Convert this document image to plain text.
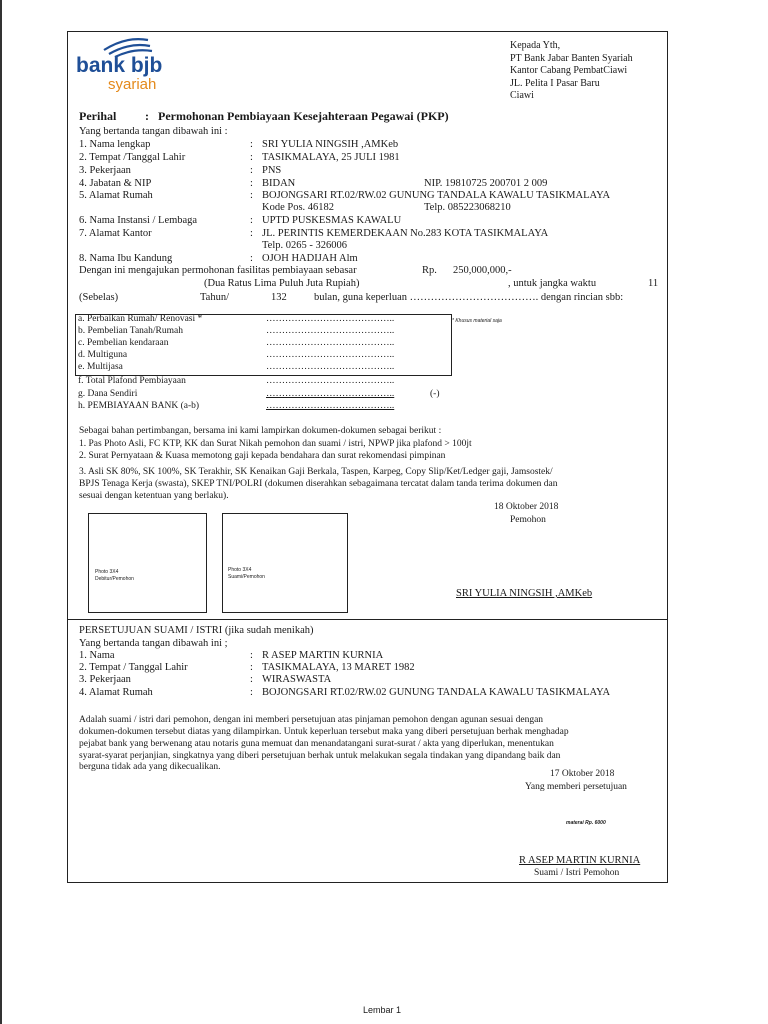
bank bjb
syariah
Kepada Yth,
PT Bank Jabar Banten Syariah
Kantor Cabang PembatCiawi
JL. Pelita I Pasar Baru
Ciawi
Perihal : Permohonan Pembiayaan Kesejahteraan Pegawai (PKP)
Yang bertanda tangan dibawah ini :
1. Nama lengkap	: SRI YULIA NINGSIH ,AMKeb
2. Tempat /Tanggal Lahir	: TASIKMALAYA, 25 JULI 1981
3. Pekerjaan	: PNS
4. Jabatan & NIP	: BIDAN	NIP. 19810725 200701 2 009
5. Alamat Rumah	: BOJONGSARI RT.02/RW.02 GUNUNG TANDALA KAWALU TASIKMALAYA
Kode Pos. 46182	Telp. 085223068210
6. Nama Instansi / Lembaga	: UPTD PUSKESMAS KAWALU
7. Alamat Kantor	: JL. PERINTIS KEMERDEKAAN No.283 KOTA TASIKMALAYA
Telp. 0265 - 326006
8. Nama Ibu Kandung	: OJOH HADIJAH Alm
Dengan ini mengajukan permohonan fasilitas pembiayaan sebasar	Rp. 250,000,000,-
(Dua Ratus Lima Puluh Juta Rupiah)	, untuk jangka waktu	11
(Sebelas)	Tahun/	132	bulan, guna keperluan ………………………………. dengan rincian sbb:
* Khusus material saja
a. Perbaikan Rumah/ Renovasi *	…………………………………..
b. Pembelian Tanah/Rumah	…………………………………..
c. Pembelian kendaraan	…………………………………..
d. Multiguna	…………………………………..
e. Multijasa	…………………………………..
f. Total Plafond Pembiayaan	…………………………………..
g. Dana Sendiri	…………………………………..	(-)
h. PEMBIAYAAN BANK (a-b)	…………………………………..
Sebagai bahan pertimbangan, bersama ini kami lampirkan dokumen-dokumen sebagai berikut :
1. Pas Photo Asli, FC KTP, KK dan Surat Nikah pemohon dan suami / istri, NPWP jika plafond > 100jt
2. Surat Pernyataan & Kuasa memotong gaji kepada bendahara dan surat rekomendasi pimpinan
3. Asli SK 80%, SK 100%, SK Terakhir, SK Kenaikan Gaji Berkala, Taspen, Karpeg, Copy Slip/Ket/Ledger gaji, Jamsostek/
BPJS Tenaga Kerja (swasta), SKEP TNI/POLRI (dokumen diserahkan sebagaimana tercatat dalam tanda terima dokumen dan
sesuai dengan ketentuan yang berlaku).
18 Oktober 2018
Pemohon
Photo 3X4 Debitur/Pemohon
Photo 3X4 Suami/Pemohon
SRI YULIA NINGSIH ,AMKeb
PERSETUJUAN SUAMI / ISTRI (jika sudah menikah)
Yang bertanda tangan dibawah ini ;
1. Nama	: R ASEP MARTIN KURNIA
2. Tempat / Tanggal Lahir	: TASIKMALAYA, 13 MARET 1982
3. Pekerjaan	: WIRASWASTA
4. Alamat Rumah	: BOJONGSARI RT.02/RW.02 GUNUNG TANDALA KAWALU TASIKMALAYA
Adalah suami / istri dari pemohon, dengan ini memberi persetujuan atas pinjaman pemohon dengan agunan sesuai dengan
dokumen-dokumen tersebut diatas yang dilampirkan. Untuk keperluan tersebut maka yang diberi persetujuan berhak menghadap
pejabat bank yang berwenang atau notaris guna memuat dan menandatangani surat-surat / akta yang diperlukan, menentukan
syarat-syarat perjanjian, singkatnya yang diberi persetujuan berhak untuk melakukan segala tindakan yang dipandang baik dan
berguna tidak ada yang dikecualikan.
17 Oktober 2018
Yang memberi persetujuan
materai Rp. 6000
R ASEP MARTIN KURNIA
Suami / Istri Pemohon
Lembar 1
